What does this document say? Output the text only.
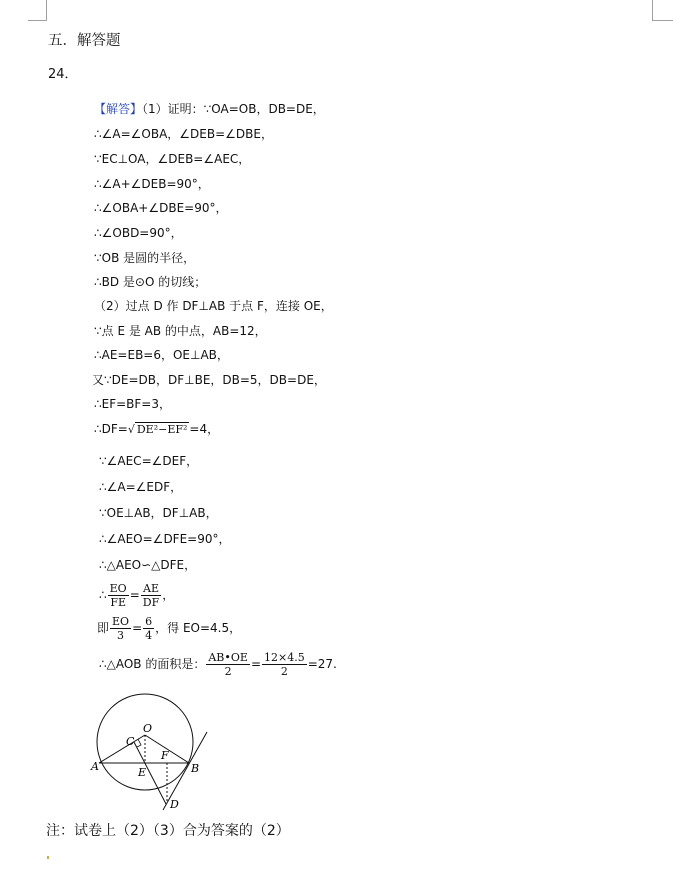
五．解答题
24．
【解答】（1）证明：∵OA=OB，DB=DE，
∴∠A=∠OBA，∠DEB=∠DBE，
∵EC⊥OA，∠DEB=∠AEC，
∴∠A+∠DEB=90°，
∴∠OBA+∠DBE=90°，
∴∠OBD=90°，
∵OB 是圆的半径，
∴BD 是⊙O 的切线；
（2）过点 D 作 DF⊥AB 于点 F，连接 OE，
∵点 E 是 AB 的中点，AB=12，
∴AE=EB=6，OE⊥AB，
又∵DE=DB，DF⊥BE，DB=5，DB=DE，
∴EF=BF=3，
∴DF=√ DE²−EF² =4，
∵∠AEC=∠DEF，
∴∠A=∠EDF，
∵OE⊥AB，DF⊥AB，
∴∠AEO=∠DFE=90°，
∴△AEO∽△DFE，
∴ $\frac{EO}{FE} = \frac{AE}{DF}$ ，
即 $\frac{EO}{3} = \frac{6}{4}$ ，得 EO=4.5，
∴△AOB 的面积是： $\frac{AB•OE}{2} = \frac{12\times 4.5}{2} =27$.
O
C
A	E
F
B
D
注：试卷上（2）（3）合为答案的（2）
